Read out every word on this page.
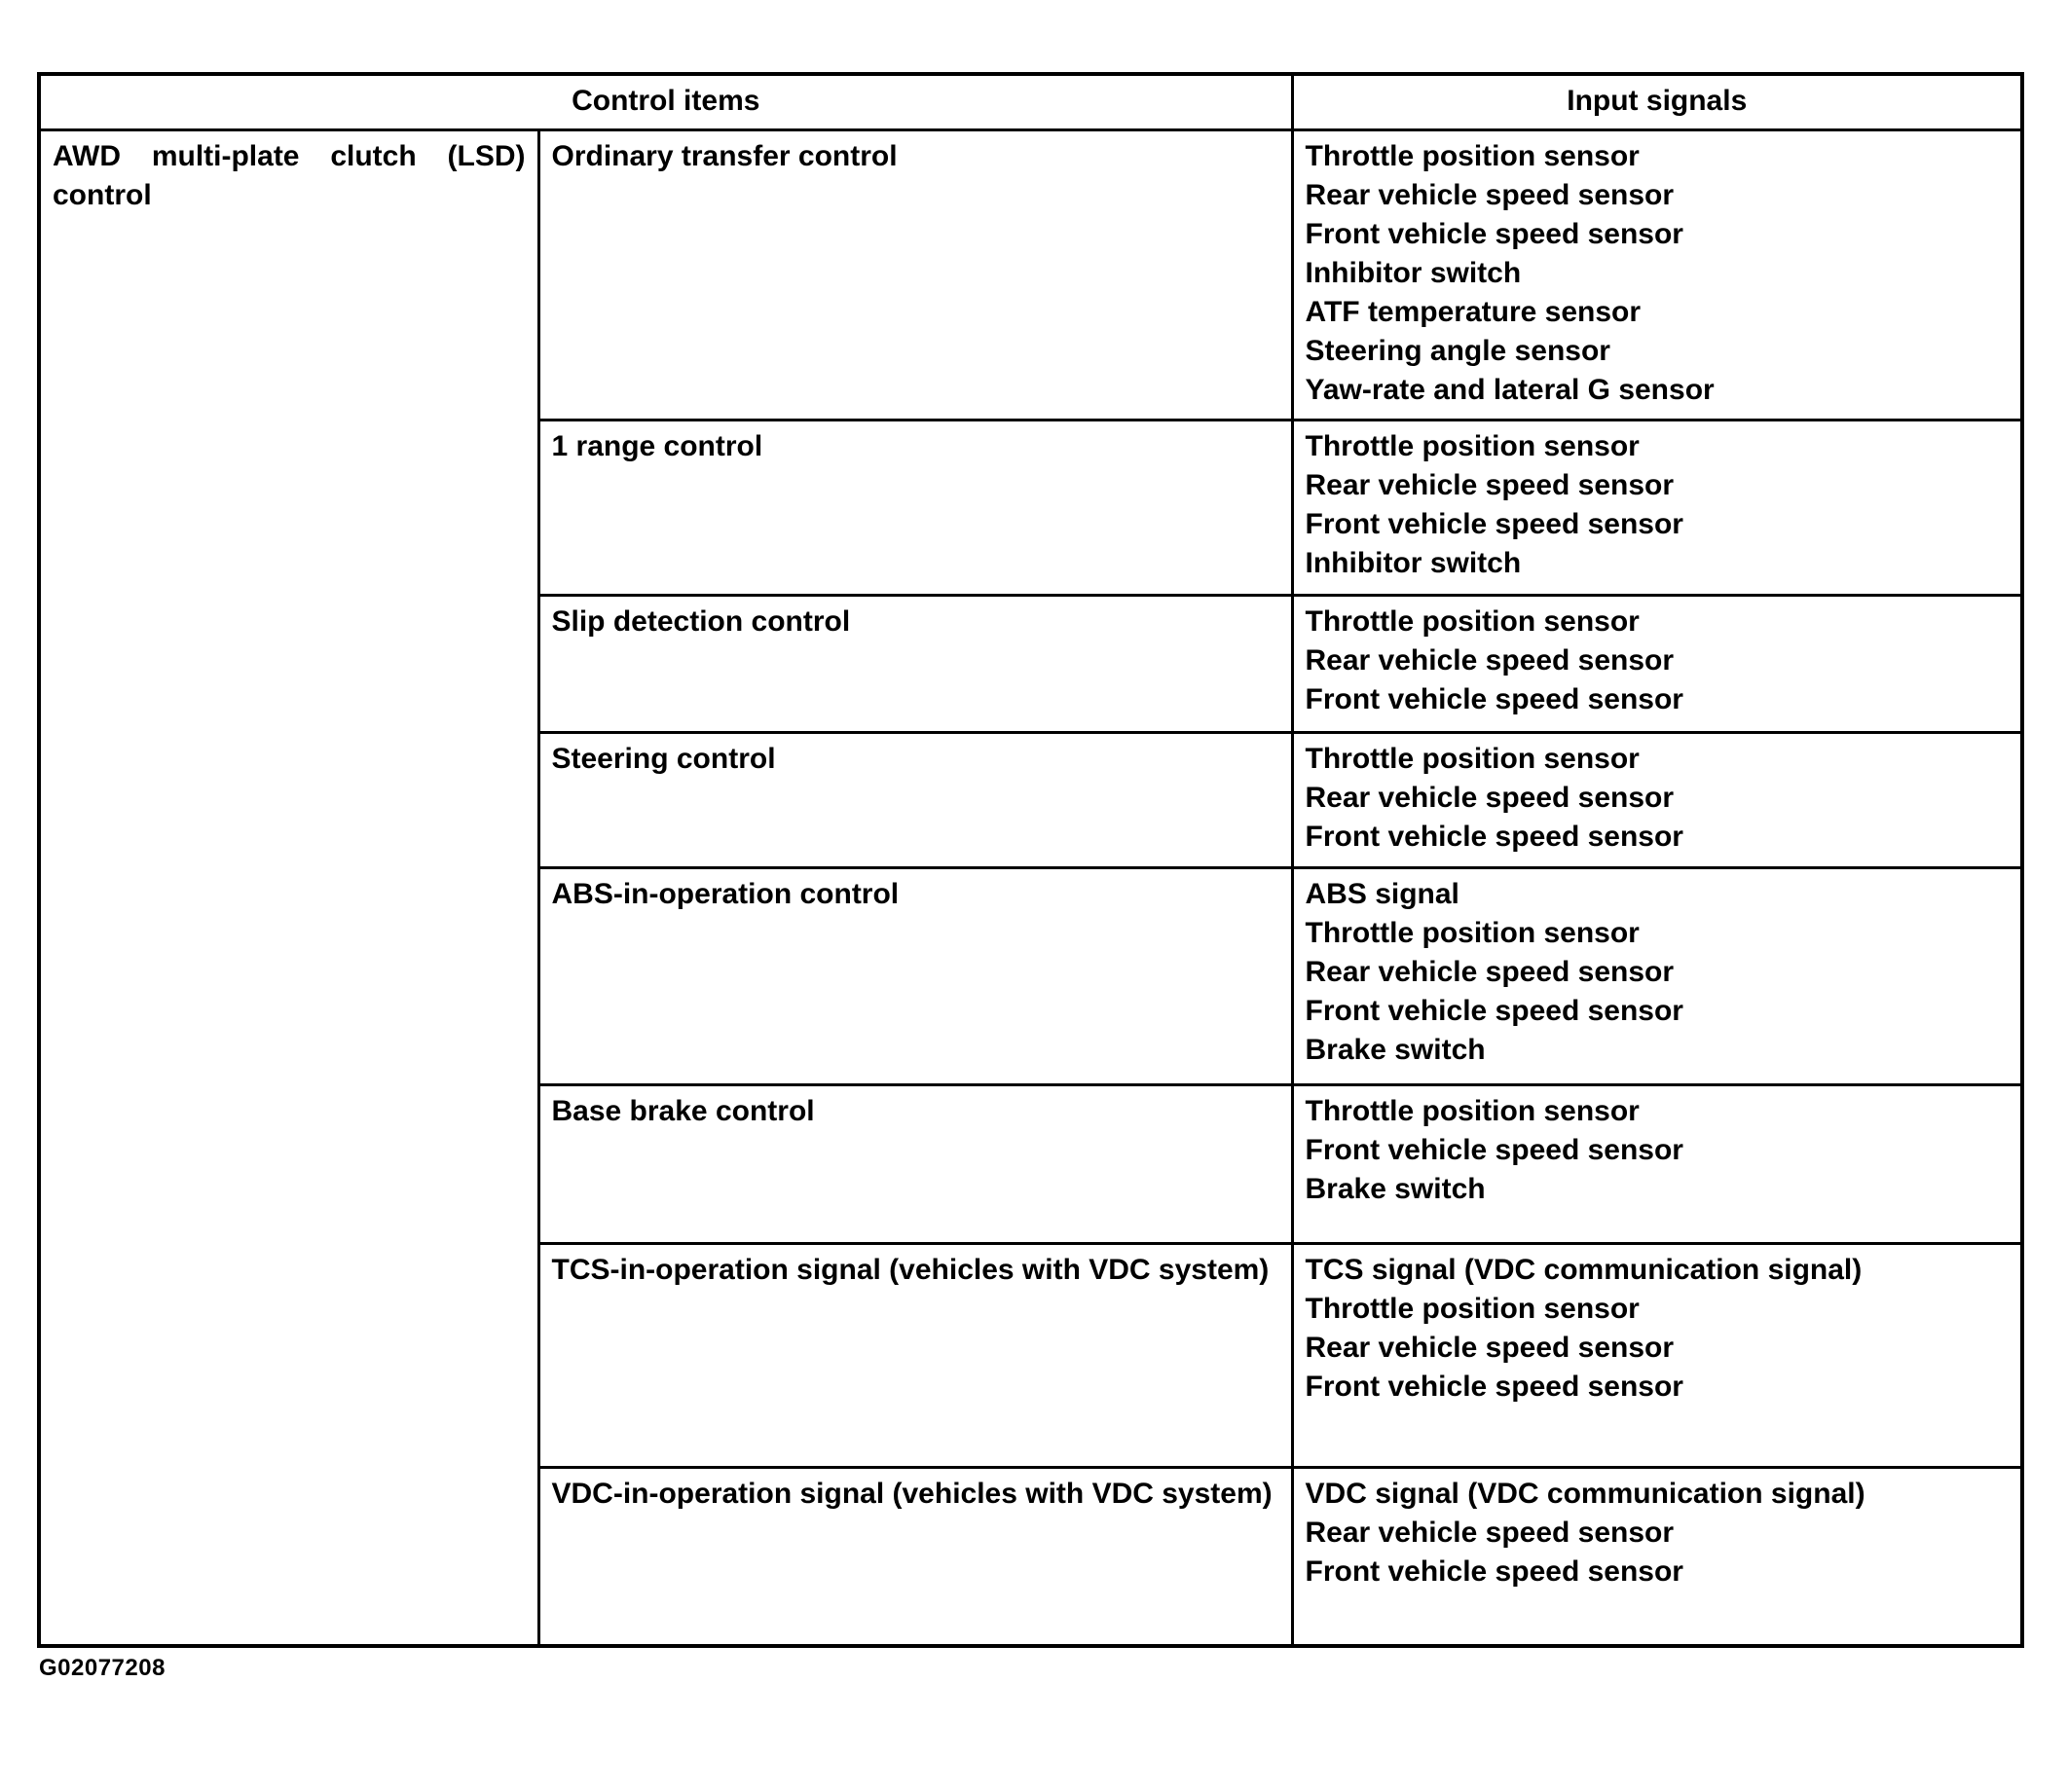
Control items		Input signals
AWD multi-plate clutch (LSD) control	Ordinary transfer control	Throttle position sensor
Rear vehicle speed sensor
Front vehicle speed sensor
Inhibitor switch
ATF temperature sensor
Steering angle sensor
Yaw-rate and lateral G sensor

	1 range control	Throttle position sensor
Rear vehicle speed sensor
Front vehicle speed sensor
Inhibitor switch

	Slip detection control	Throttle position sensor
Rear vehicle speed sensor
Front vehicle speed sensor

	Steering control	Throttle position sensor
Rear vehicle speed sensor
Front vehicle speed sensor

	ABS-in-operation control	ABS signal
Throttle position sensor
Rear vehicle speed sensor
Front vehicle speed sensor
Brake switch

	Base brake control	Throttle position sensor
Front vehicle speed sensor
Brake switch

	TCS-in-operation signal (vehicles with VDC system)	TCS signal (VDC communication signal)
Throttle position sensor
Rear vehicle speed sensor
Front vehicle speed sensor

	VDC-in-operation signal (vehicles with VDC system)	VDC signal (VDC communication signal)
Rear vehicle speed sensor
Front vehicle speed sensor
G02077208
